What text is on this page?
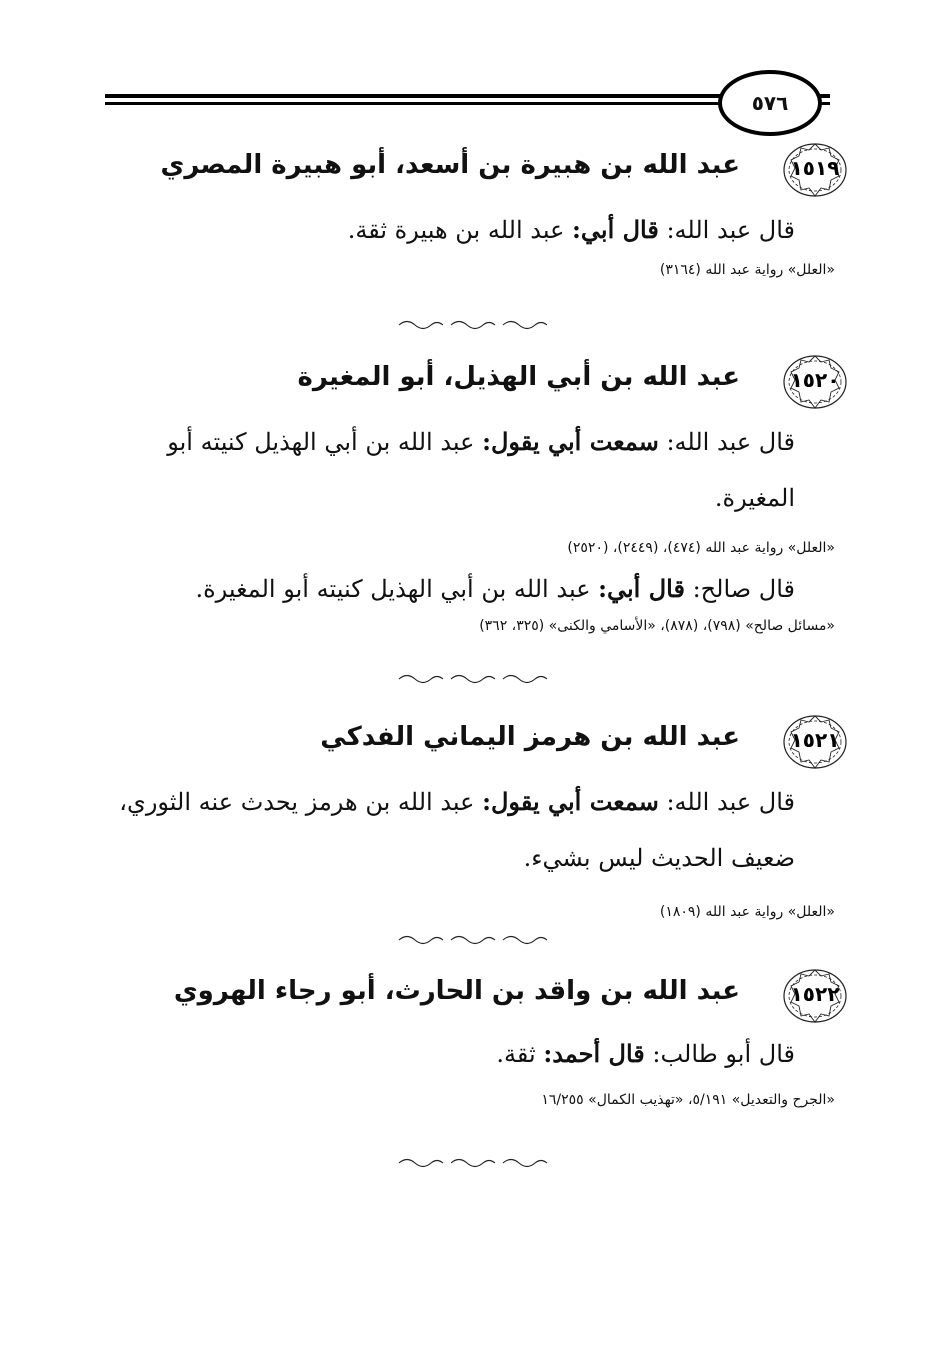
٥٧٦
١٥١٩
عبد الله بن هبيرة بن أسعد، أبو هبيرة المصري

قال عبد الله: قال أبي: عبد الله بن هبيرة ثقة.

«العلل» رواية عبد الله (٣١٦٤)

١٥٢٠
عبد الله بن أبي الهذيل، أبو المغيرة

قال عبد الله: سمعت أبي يقول: عبد الله بن أبي الهذيل كنيته أبو المغيرة.

«العلل» رواية عبد الله (٤٧٤)، (٢٤٤٩)، (٢٥٢٠)

قال صالح: قال أبي: عبد الله بن أبي الهذيل كنيته أبو المغيرة.

«مسائل صالح» (٧٩٨)، (٨٧٨)، «الأسامي والكنى» (٣٢٥، ٣٦٢)

١٥٢١
عبد الله بن هرمز اليماني الفدكي

قال عبد الله: سمعت أبي يقول: عبد الله بن هرمز يحدث عنه الثوري، ضعيف الحديث ليس بشيء.

«العلل» رواية عبد الله (١٨٠٩)

١٥٢٢
عبد الله بن واقد بن الحارث، أبو رجاء الهروي

قال أبو طالب: قال أحمد: ثقة.

«الجرح والتعديل» ٥/١٩١، «تهذيب الكمال» ١٦/٢٥٥
